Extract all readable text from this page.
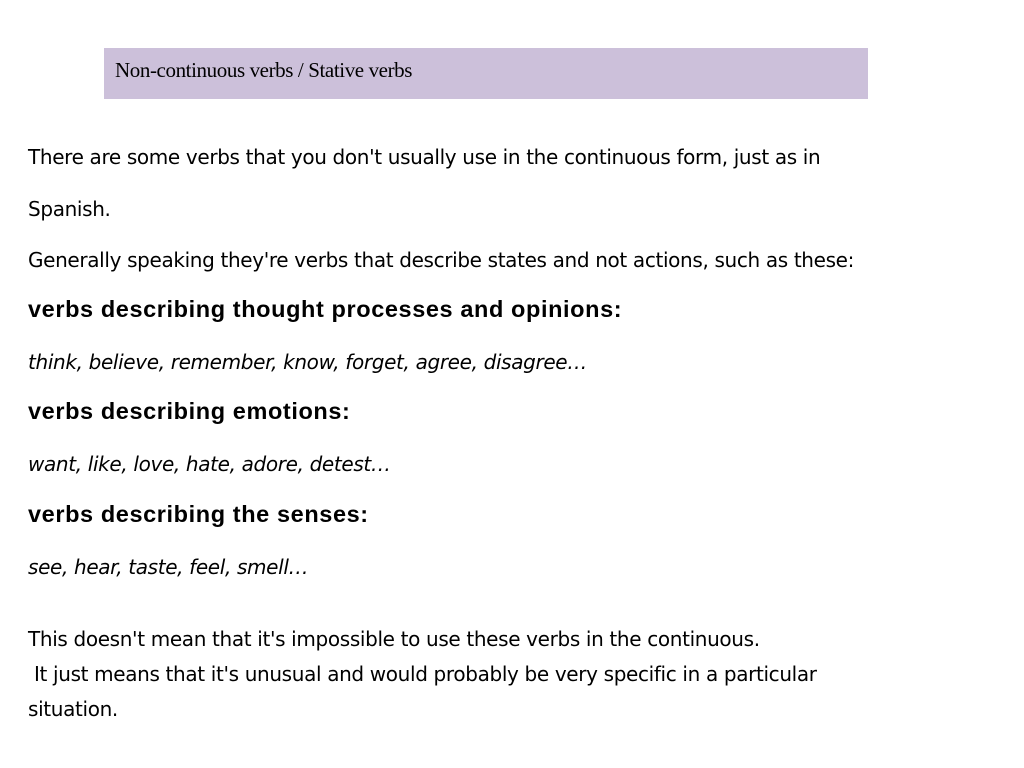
Non-continuous verbs / Stative verbs
There are some verbs that you don't usually use in the continuous form, just as in
Spanish.
Generally speaking they're verbs that describe states and not actions, such as these:
verbs describing thought processes and opinions:
think, believe, remember, know, forget, agree, disagree…
verbs describing emotions:
want, like, love, hate, adore, detest…
verbs describing the senses:
see, hear, taste, feel, smell…
This doesn't mean that it's impossible to use these verbs in the continuous.
It just means that it's unusual and would probably be very specific in a particular
situation.
